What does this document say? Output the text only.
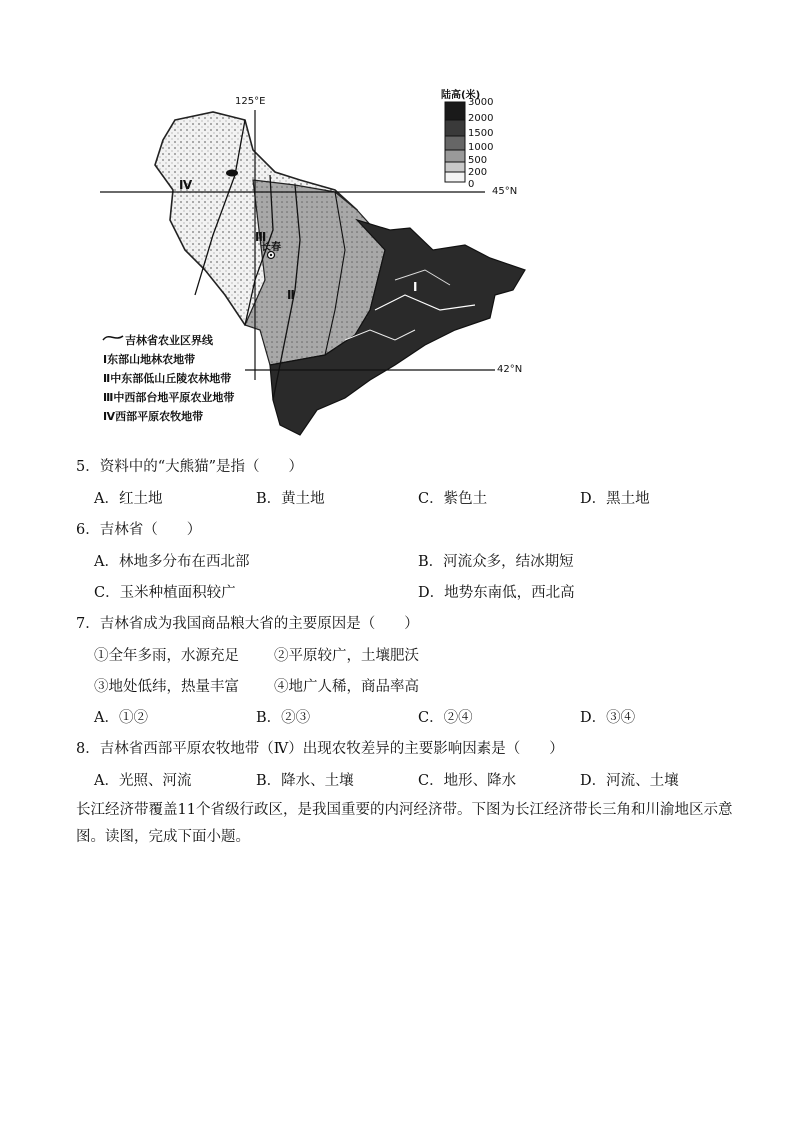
125°E
45°N
42°N
陆高(米)
3000
2000
1500
1000
500
200
0
Ⅳ
Ⅲ
Ⅱ
Ⅰ
长春
吉林省农业区界线
Ⅰ东部山地林农地带
Ⅱ中东部低山丘陵农林地带
Ⅲ中西部台地平原农业地带
Ⅳ西部平原农牧地带
5．资料中的“大熊猫”是指（　　）
A．红土地	B．黄土地	C．紫色土	D．黑土地
6．吉林省（　　）
A．林地多分布在西北部	B．河流众多，结冰期短
C．玉米种植面积较广	D．地势东南低，西北高
7．吉林省成为我国商品粮大省的主要原因是（　　）
①全年多雨，水源充足 ②平原较广，土壤肥沃
③地处低纬，热量丰富 ④地广人稀，商品率高
A．①②	B．②③	C．②④	D．③④
8．吉林省西部平原农牧地带（Ⅳ）出现农牧差异的主要影响因素是（　　）
A．光照、河流	B．降水、土壤	C．地形、降水	D．河流、土壤
长江经济带覆盖11个省级行政区，是我国重要的内河经济带。下图为长江经济带长三角和川渝地区示意图。读图，完成下面小题。
